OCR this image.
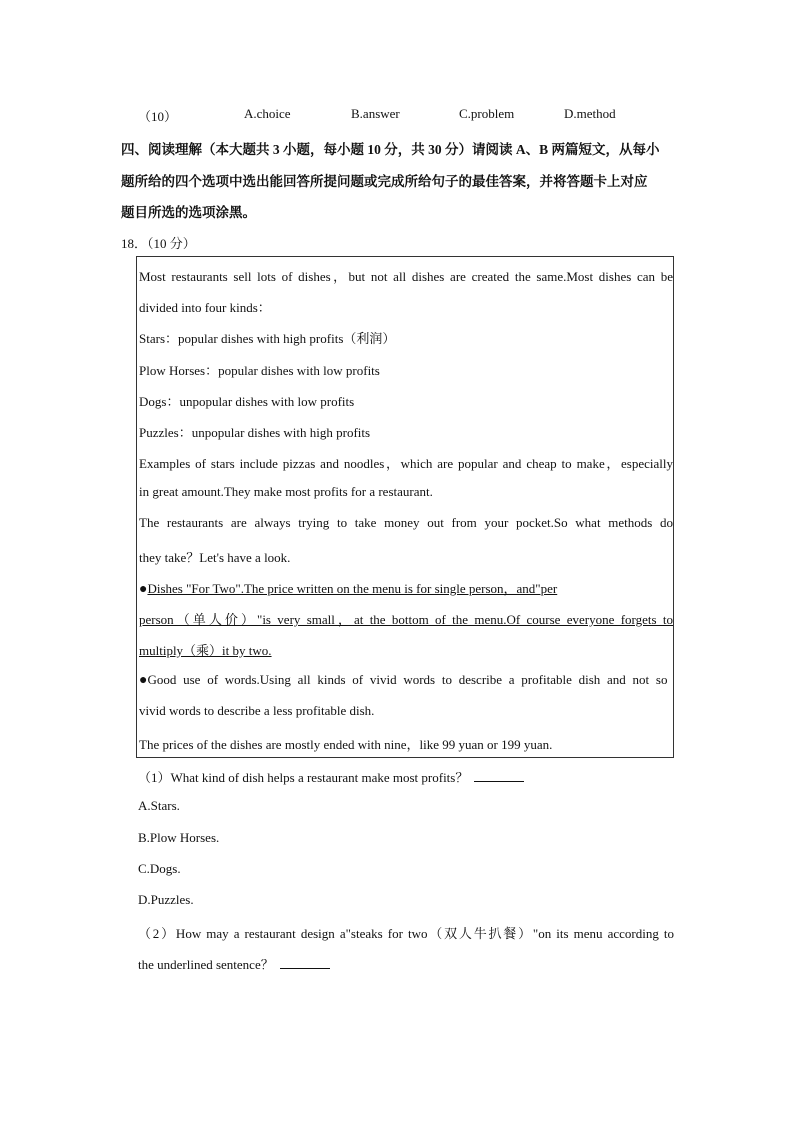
（10）	A.choice	B.answer	C.problem	D.method
四、阅读理解（本大题共 3 小题，每小题 10 分，共 30 分）请阅读 A、B 两篇短文，从每小
题所给的四个选项中选出能回答所提问题或完成所给句子的最佳答案，并将答题卡上对应
题目所选的选项涂黑。
18．（10 分）
Most restaurants sell lots of dishes，but not all dishes are created the same.Most dishes can be
divided into four kinds：
Stars：popular dishes with high profits（利润）
Plow Horses：popular dishes with low profits
Dogs：unpopular dishes with low profits
Puzzles：unpopular dishes with high profits
Examples of stars include pizzas and noodles，which are popular and cheap to make，especially
in great amount.They make most profits for a restaurant.
The restaurants are always trying to take money out from your pocket.So what methods do
they take？Let's have a look.
●Dishes "For Two".The price written on the menu is for single person，and"per
person（单人价）"is very small，at the bottom of the menu.Of course everyone forgets to
multiply（乘）it by two.
●Good use of words.Using all kinds of vivid words to describe a profitable dish and not so
vivid words to describe a less profitable dish.
The prices of the dishes are mostly ended with nine，like 99 yuan or 199 yuan.
（1）What kind of dish helps a restaurant make most profits？
A.Stars.
B.Plow Horses.
C.Dogs.
D.Puzzles.
（2）How may a restaurant design a"steaks for two（双人牛扒餐）"on its menu according to
the underlined sentence？
